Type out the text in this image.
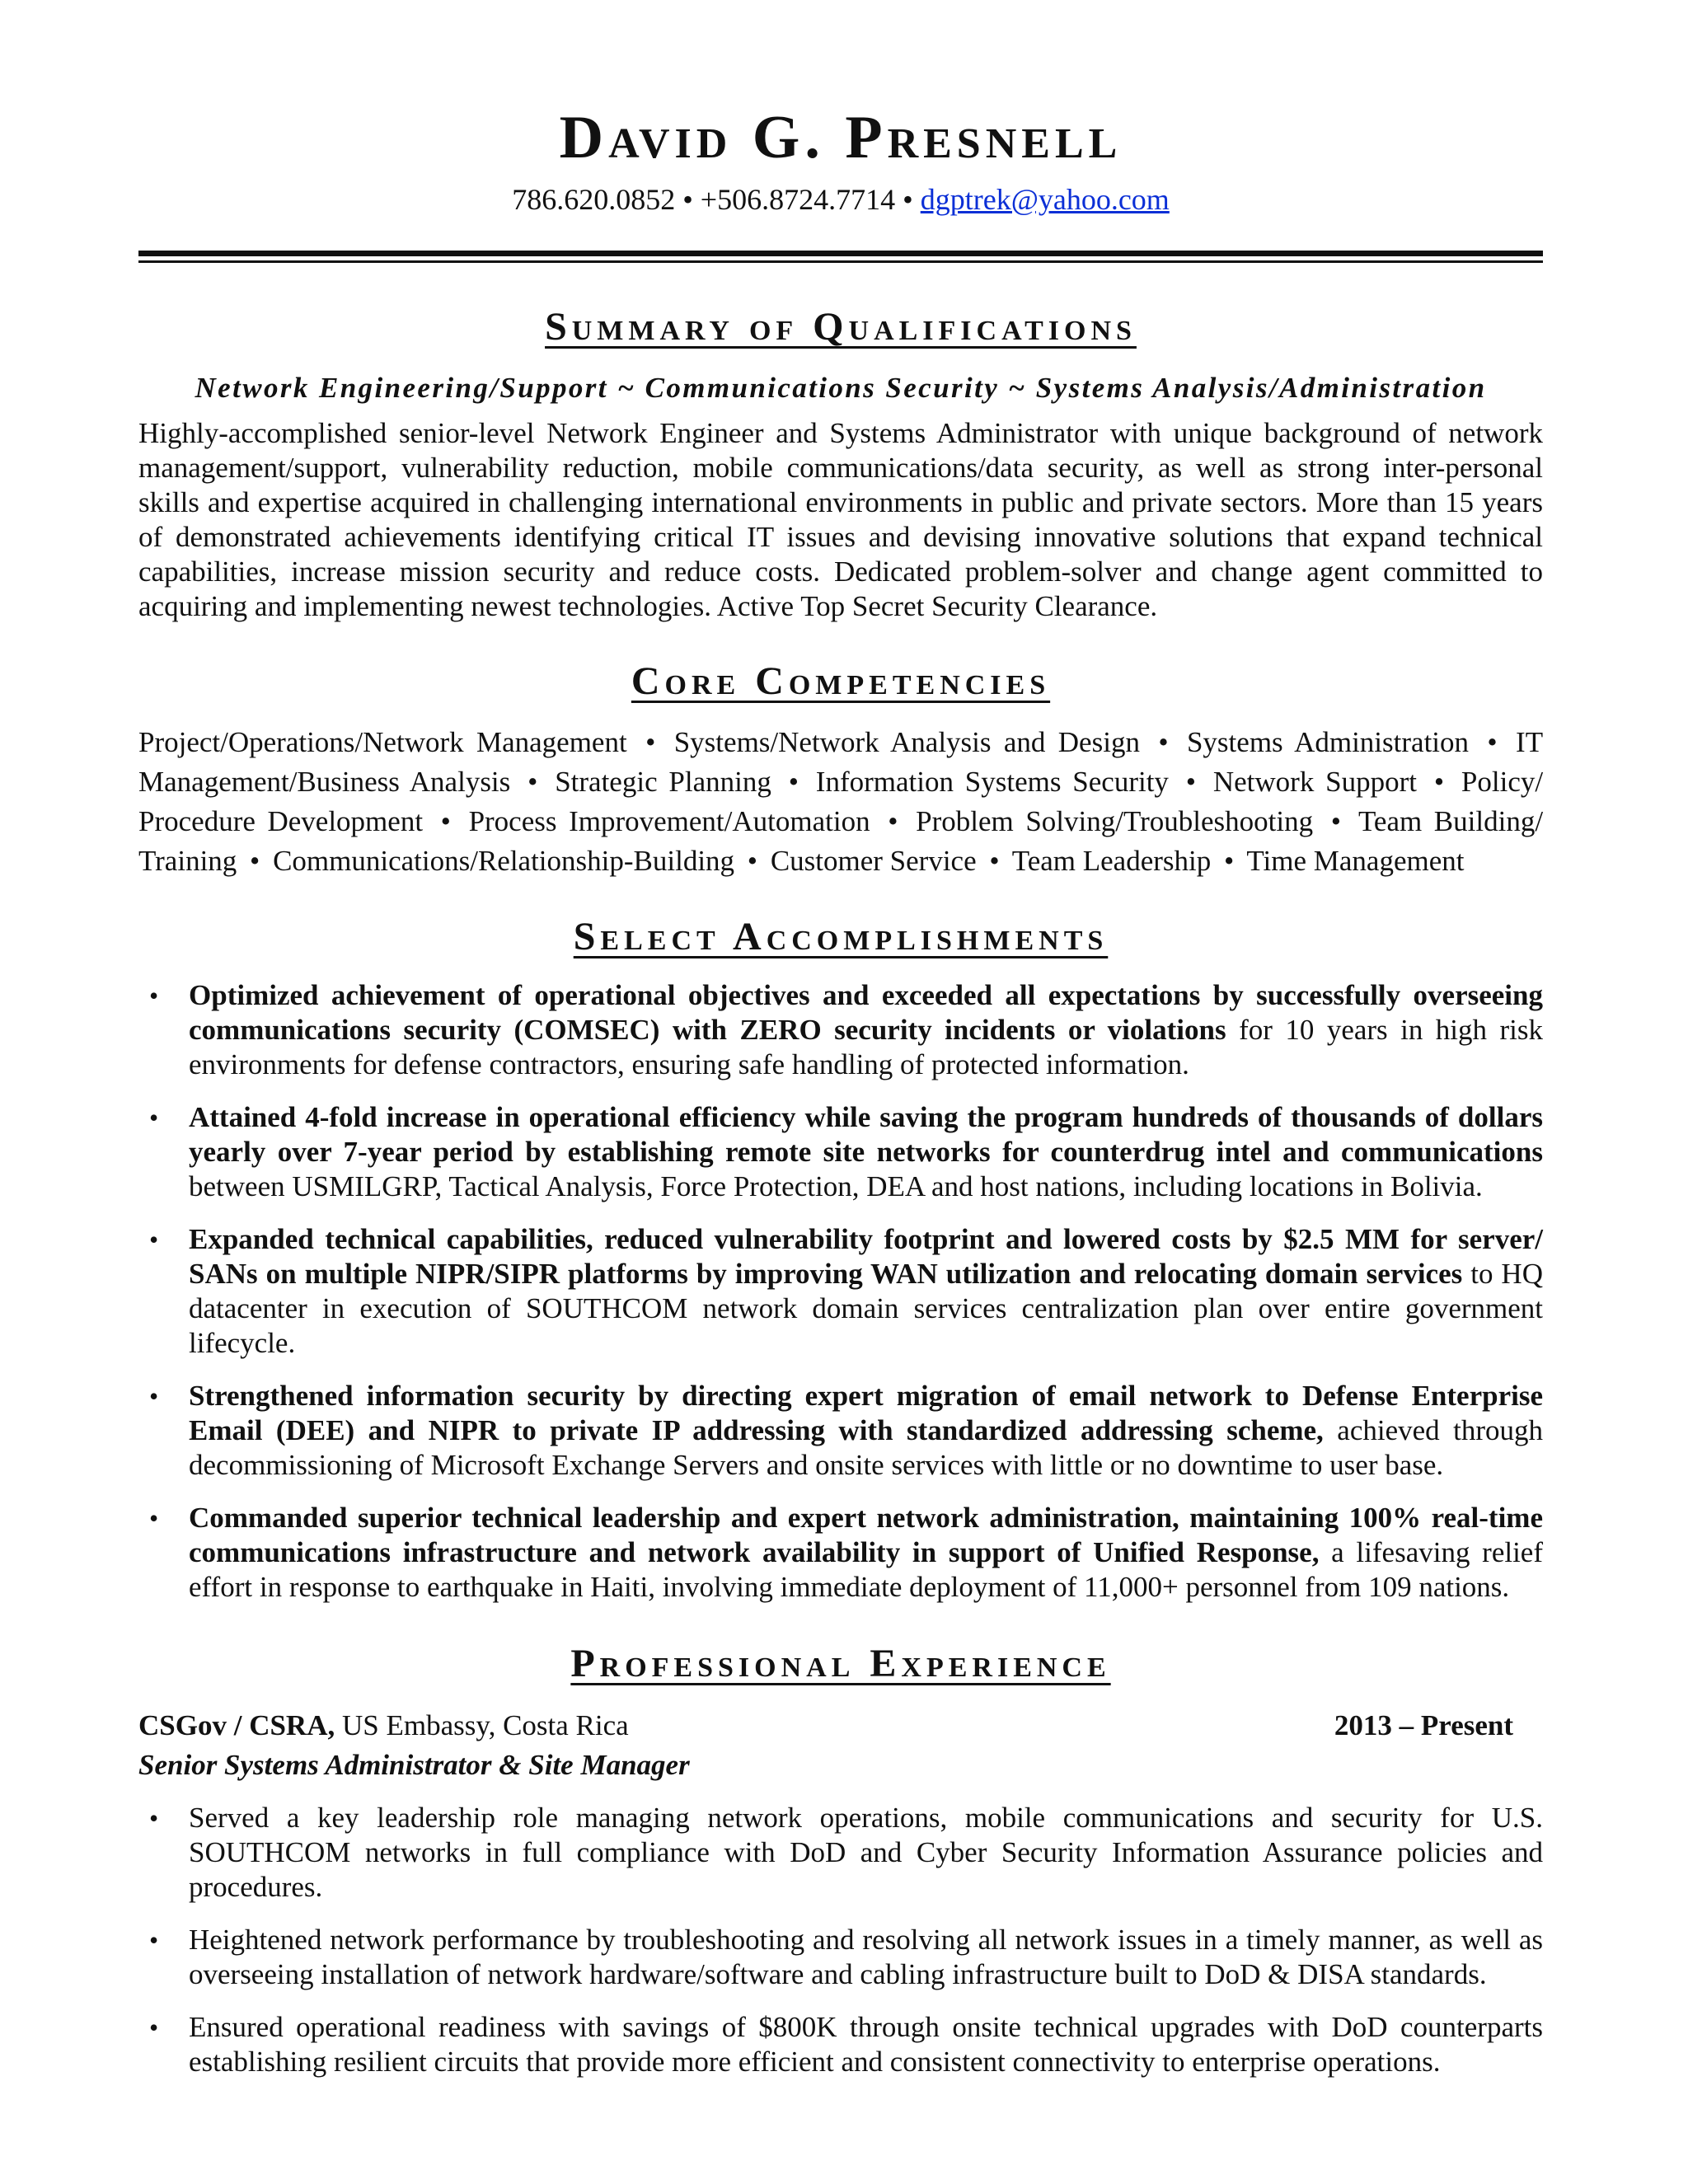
David G. Presnell
786.620.0852 • +506.8724.7714 • dgptrek@yahoo.com
Summary of Qualifications
Network Engineering/Support ~ Communications Security ~ Systems Analysis/Administration

Highly-accomplished senior-level Network Engineer and Systems Administrator with unique background of network management/support, vulnerability reduction, mobile communications/data security, as well as strong inter-personal skills and expertise acquired in challenging international environments in public and private sectors. More than 15 years of demonstrated achievements identifying critical IT issues and devising innovative solutions that expand technical capabilities, increase mission security and reduce costs. Dedicated problem-solver and change agent committed to acquiring and implementing newest technologies. Active Top Secret Security Clearance.

Core Competencies
Project/Operations/Network Management • Systems/Network Analysis and Design • Systems Administration • IT Management/Business Analysis • Strategic Planning • Information Systems Security • Network Support • Policy/ Procedure Development • Process Improvement/Automation • Problem Solving/Troubleshooting • Team Building/ Training • Communications/Relationship-Building • Customer Service • Team Leadership • Time Management
Select Accomplishments
• Optimized achievement of operational objectives and exceeded all expectations by successfully overseeing communications security (COMSEC) with ZERO security incidents or violations for 10 years in high risk environments for defense contractors, ensuring safe handling of protected information.
• Attained 4-fold increase in operational efficiency while saving the program hundreds of thousands of dollars yearly over 7-year period by establishing remote site networks for counterdrug intel and communications between USMILGRP, Tactical Analysis, Force Protection, DEA and host nations, including locations in Bolivia.
• Expanded technical capabilities, reduced vulnerability footprint and lowered costs by $2.5 MM for server/ SANs on multiple NIPR/SIPR platforms by improving WAN utilization and relocating domain services to HQ datacenter in execution of SOUTHCOM network domain services centralization plan over entire government lifecycle.
• Strengthened information security by directing expert migration of email network to Defense Enterprise Email (DEE) and NIPR to private IP addressing with standardized addressing scheme, achieved through decommissioning of Microsoft Exchange Servers and onsite services with little or no downtime to user base.
• Commanded superior technical leadership and expert network administration, maintaining 100% real-time communications infrastructure and network availability in support of Unified Response, a lifesaving relief effort in response to earthquake in Haiti, involving immediate deployment of 11,000+ personnel from 109 nations.
Professional Experience
CSGov / CSRA, US Embassy, Costa Rica	2013 – Present
Senior Systems Administrator & Site Manager
• Served a key leadership role managing network operations, mobile communications and security for U.S. SOUTHCOM networks in full compliance with DoD and Cyber Security Information Assurance policies and procedures.
• Heightened network performance by troubleshooting and resolving all network issues in a timely manner, as well as overseeing installation of network hardware/software and cabling infrastructure built to DoD & DISA standards.
• Ensured operational readiness with savings of $800K through onsite technical upgrades with DoD counterparts establishing resilient circuits that provide more efficient and consistent connectivity to enterprise operations.
